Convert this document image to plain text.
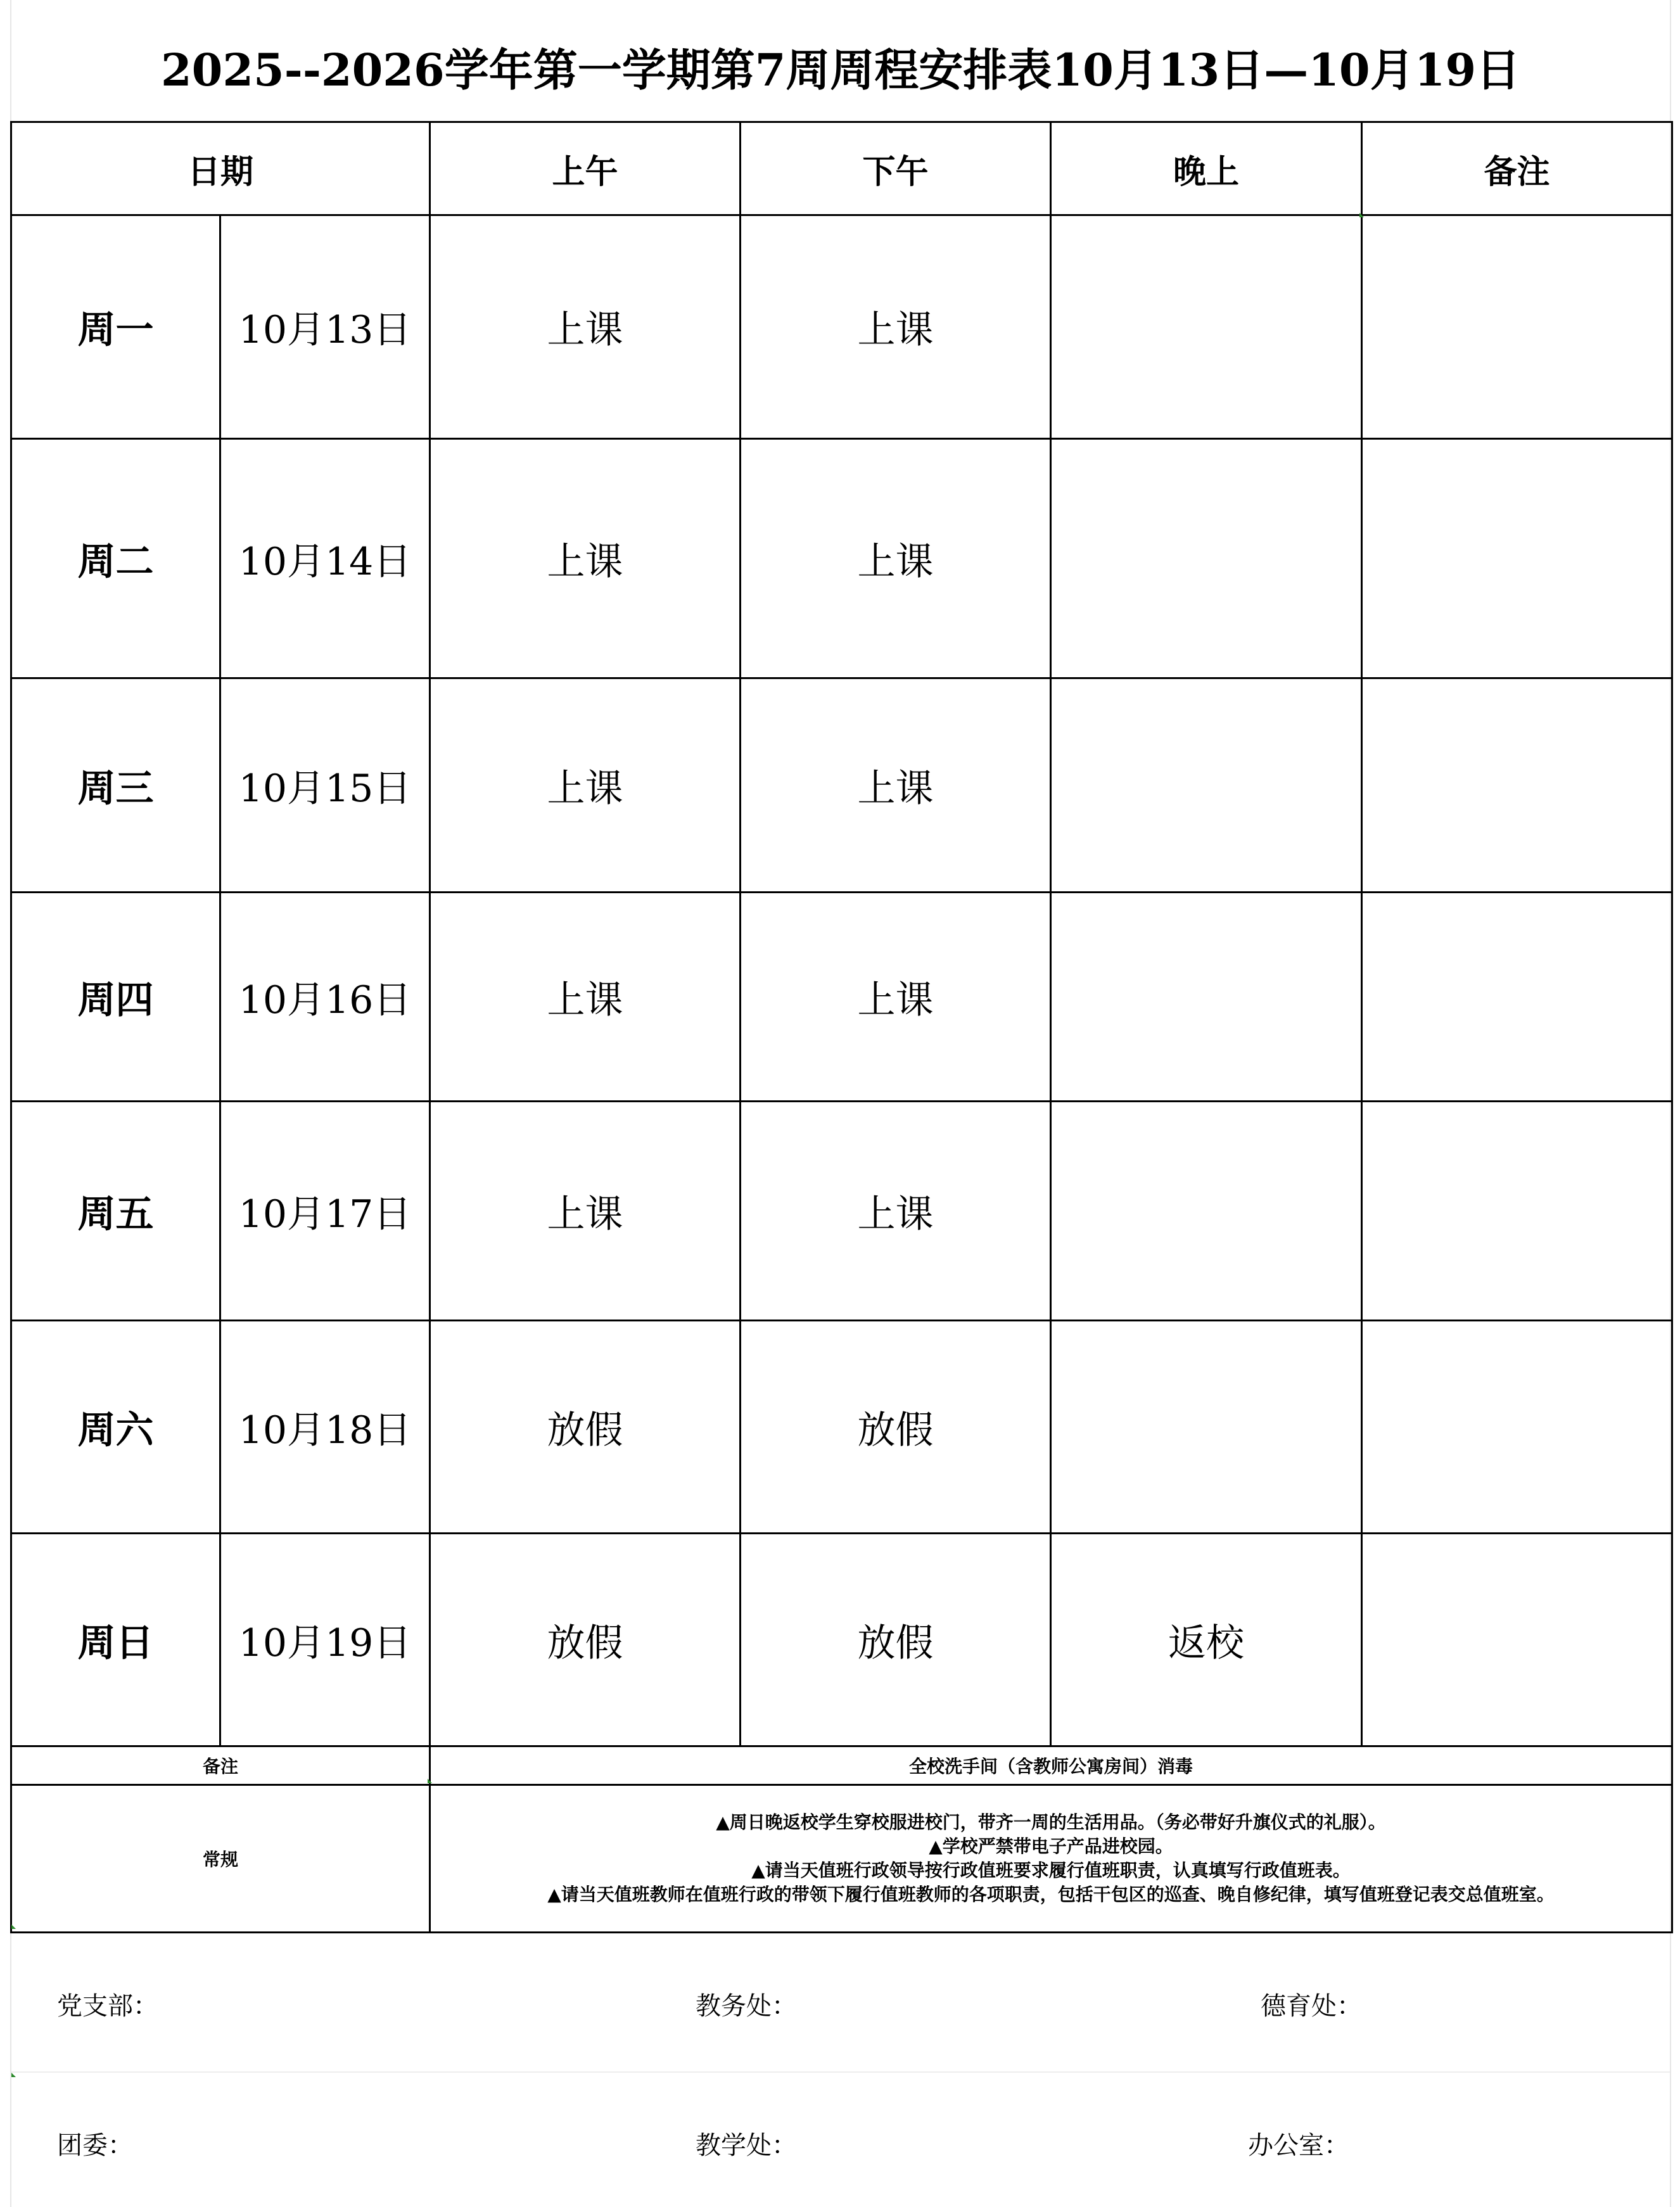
2025--2026学年第一学期第7周周程安排表10月13日—10月19日
日期		上午	下午	晚上	备注
周一	10月13日	上课	上课		
周二	10月14日	上课	上课		
周三	10月15日	上课	上课		
周四	10月16日	上课	上课		
周五	10月17日	上课	上课		
周六	10月18日	放假	放假		
周日	10月19日	放假	放假	返校	
备注		全校洗手间（含教师公寓房间）消毒			
常规		▲周日晚返校学生穿校服进校门，带齐一周的生活用品。（务必带好升旗仪式的礼服）。
▲学校严禁带电子产品进校园。
▲请当天值班行政领导按行政值班要求履行值班职责，认真填写行政值班表。
▲请当天值班教师在值班行政的带领下履行值班教师的各项职责，包括干包区的巡查、晚自修纪律，填写值班登记表交总值班室。			
党支部：	教务处：	德育处：
团委：	教学处：	办公室：
